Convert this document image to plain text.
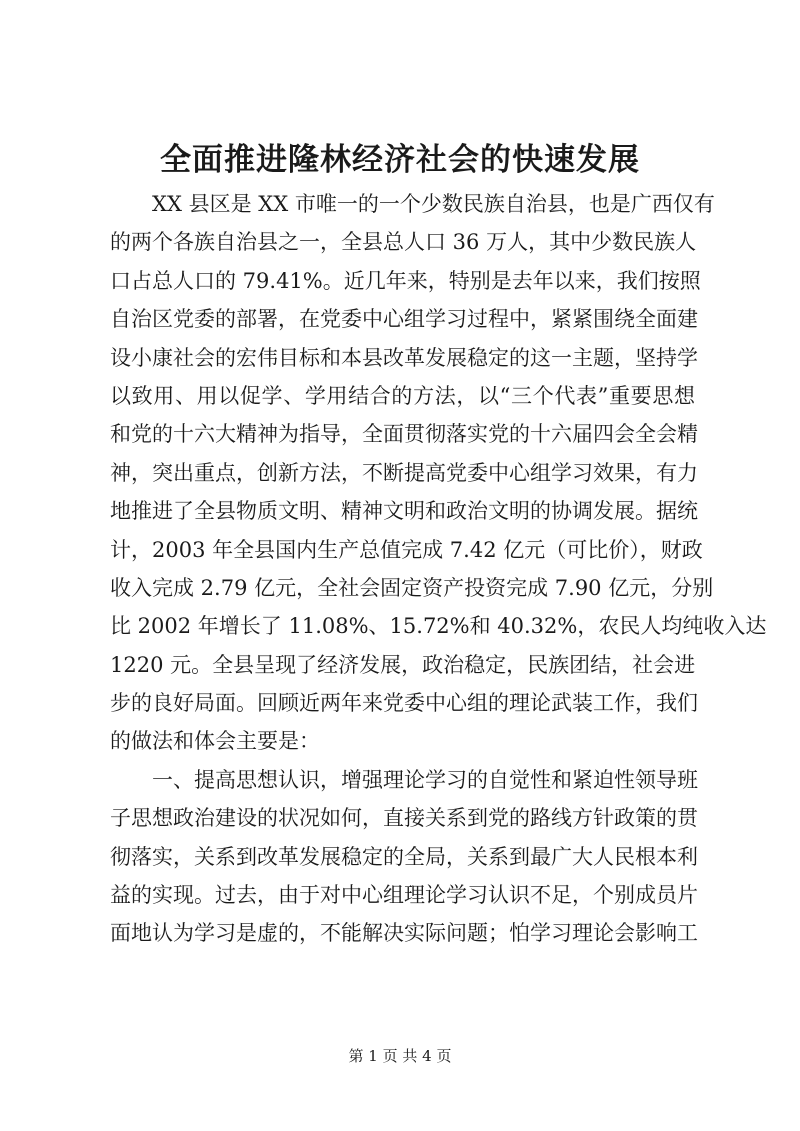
全面推进隆林经济社会的快速发展
XX 县区是 XX 市唯一的一个少数民族自治县，也是广西仅有
的两个各族自治县之一，全县总人口 36 万人，其中少数民族人
口占总人口的 79.41%。近几年来，特别是去年以来，我们按照
自治区党委的部署，在党委中心组学习过程中，紧紧围绕全面建
设小康社会的宏伟目标和本县改革发展稳定的这一主题，坚持学
以致用、用以促学、学用结合的方法，以“三个代表”重要思想
和党的十六大精神为指导，全面贯彻落实党的十六届四会全会精
神，突出重点，创新方法，不断提高党委中心组学习效果，有力
地推进了全县物质文明、精神文明和政治文明的协调发展。据统
计，2003 年全县国内生产总值完成 7.42 亿元（可比价），财政
收入完成 2.79 亿元，全社会固定资产投资完成 7.90 亿元，分别
比 2002 年增长了 11.08%、15.72%和 40.32%，农民人均纯收入达
1220 元。全县呈现了经济发展，政治稳定，民族团结，社会进
步的良好局面。回顾近两年来党委中心组的理论武装工作，我们
的做法和体会主要是：
一、提高思想认识，增强理论学习的自觉性和紧迫性领导班
子思想政治建设的状况如何，直接关系到党的路线方针政策的贯
彻落实，关系到改革发展稳定的全局，关系到最广大人民根本利
益的实现。过去，由于对中心组理论学习认识不足，个别成员片
面地认为学习是虚的，不能解决实际问题；怕学习理论会影响工
第 1 页 共 4 页
